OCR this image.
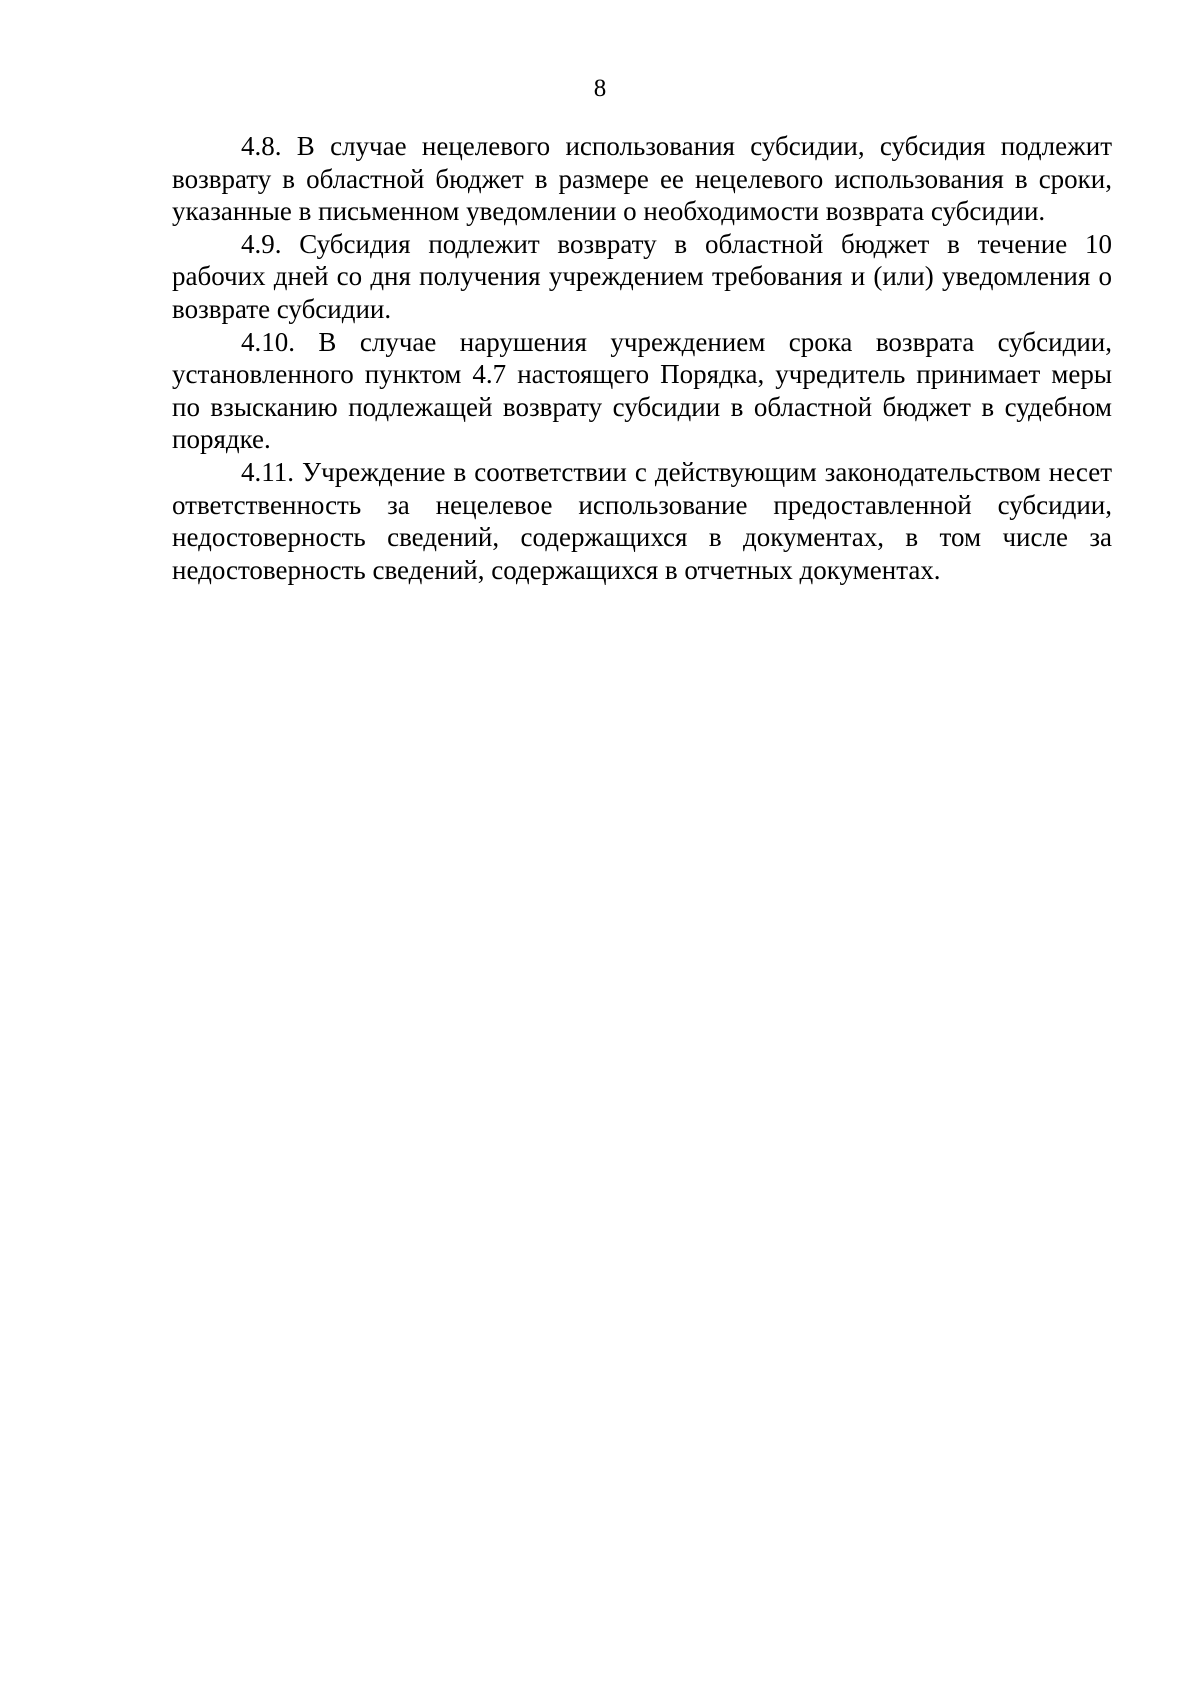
8

4.8. В случае нецелевого использования субсидии, субсидия подлежит возврату в областной бюджет в размере ее нецелевого использования в сроки, указанные в письменном уведомлении о необходимости возврата субсидии.

4.9. Субсидия подлежит возврату в областной бюджет в течение 10 рабочих дней со дня получения учреждением требования и (или) уведомления о возврате субсидии.

4.10. В случае нарушения учреждением срока возврата субсидии, установленного пунктом 4.7 настоящего Порядка, учредитель принимает меры по взысканию подлежащей возврату субсидии в областной бюджет в судебном порядке.

4.11. Учреждение в соответствии с действующим законодательством несет ответственность за нецелевое использование предоставленной субсидии, недостоверность сведений, содержащихся в документах, в том числе за недостоверность сведений, содержащихся в отчетных документах.
